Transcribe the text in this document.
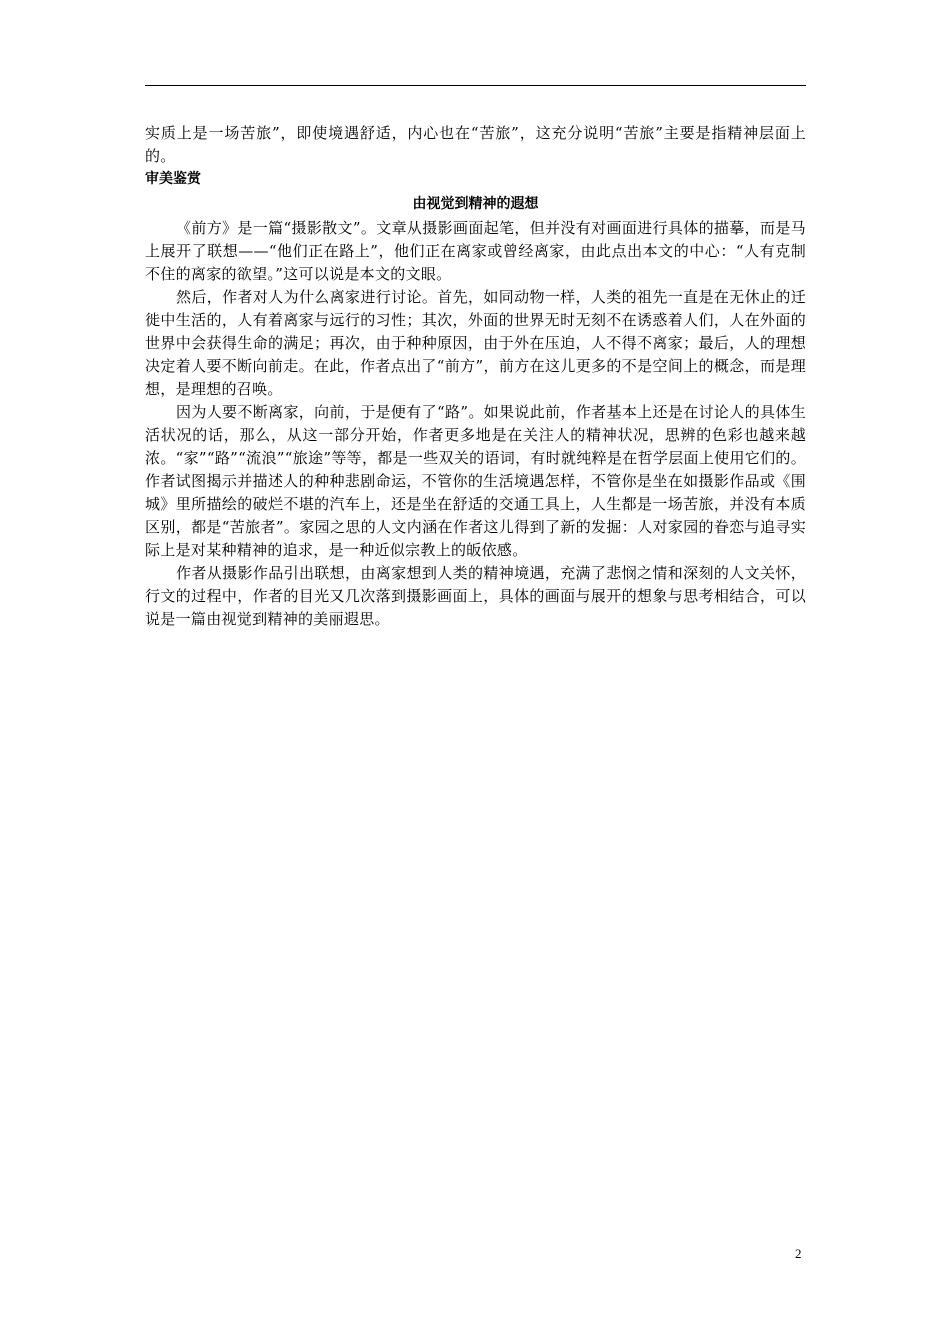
实质上是一场苦旅”，即使境遇舒适，内心也在“苦旅”，这充分说明“苦旅”主要是指精神层面上的。

审美鉴赏
由视觉到精神的遐想

《前方》是一篇“摄影散文”。文章从摄影画面起笔，但并没有对画面进行具体的描摹，而是马上展开了联想——“他们正在路上”，他们正在离家或曾经离家，由此点出本文的中心：“人有克制不住的离家的欲望。”这可以说是本文的文眼。

然后，作者对人为什么离家进行讨论。首先，如同动物一样，人类的祖先一直是在无休止的迁徙中生活的，人有着离家与远行的习性；其次，外面的世界无时无刻不在诱惑着人们，人在外面的世界中会获得生命的满足；再次，由于种种原因，由于外在压迫，人不得不离家；最后，人的理想决定着人要不断向前走。在此，作者点出了“前方”，前方在这儿更多的不是空间上的概念，而是理想，是理想的召唤。

因为人要不断离家，向前，于是便有了“路”。如果说此前，作者基本上还是在讨论人的具体生活状况的话，那么，从这一部分开始，作者更多地是在关注人的精神状况，思辨的色彩也越来越浓。“家”“路”“流浪”“旅途”等等，都是一些双关的语词，有时就纯粹是在哲学层面上使用它们的。作者试图揭示并描述人的种种悲剧命运，不管你的生活境遇怎样，不管你是坐在如摄影作品或《围城》里所描绘的破烂不堪的汽车上，还是坐在舒适的交通工具上，人生都是一场苦旅，并没有本质区别，都是“苦旅者”。家园之思的人文内涵在作者这儿得到了新的发掘：人对家园的眷恋与追寻实际上是对某种精神的追求，是一种近似宗教上的皈依感。

作者从摄影作品引出联想，由离家想到人类的精神境遇，充满了悲悯之情和深刻的人文关怀，行文的过程中，作者的目光又几次落到摄影画面上，具体的画面与展开的想象与思考相结合，可以说是一篇由视觉到精神的美丽遐思。

2
